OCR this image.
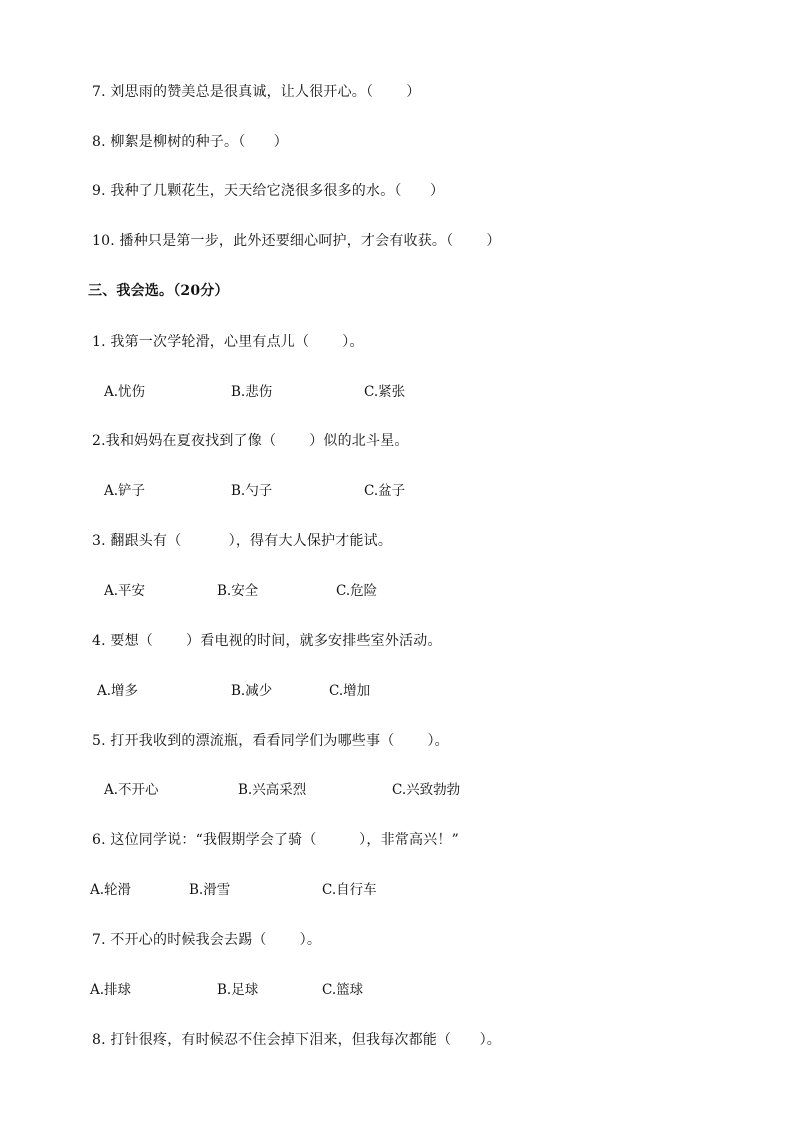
7. 刘思雨的赞美总是很真诚，让人很开心。（　　 ）
8. 柳絮是柳树的种子。（　　）
9. 我种了几颗花生，天天给它浇很多很多的水。（　　）
10. 播种只是第一步，此外还要细心呵护，才会有收获。（　　 ）
三、我会选。（20分）
1. 我第一次学轮滑，心里有点儿（　　 ）。
A.忧伤	B.悲伤	C.紧张
2.我和妈妈在夏夜找到了像（　　 ）似的北斗星。
A.铲子	B.勺子	C.盆子
3. 翻跟头有（　　　 ），得有大人保护才能试。
A.平安	B.安全	C.危险
4. 要想（　　 ）看电视的时间，就多安排些室外活动。
A.增多	B.减少	C.增加
5. 打开我收到的漂流瓶，看看同学们为哪些事（　　 ）。
A.不开心	B.兴高采烈	C.兴致勃勃
6. 这位同学说：“我假期学会了骑（　　　），非常高兴！”
A.轮滑	B.滑雪	C.自行车
7. 不开心的时候我会去踢（　　 ）。
A.排球	B.足球	C.篮球
8. 打针很疼，有时候忍不住会掉下泪来，但我每次都能（　　）。
